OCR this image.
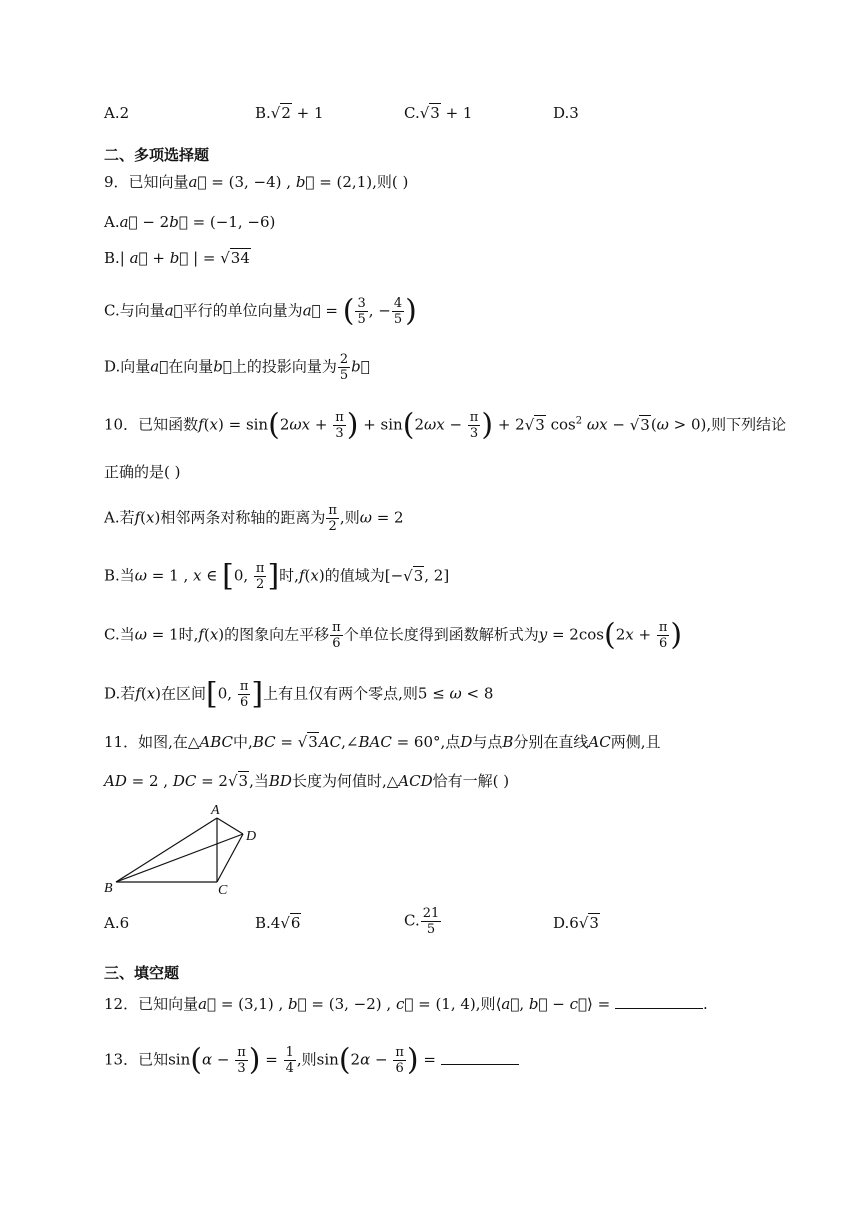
A.2	B.√2 + 1	C.√3 + 1	D.3
二、多项选择题
9．已知向量a⃗ = (3, −4) , b⃗ = (2,1),则( )
A.a⃗ − 2b⃗ = (−1, −6)
B.| a⃗ + b⃗ | = √34
C.与向量a⃗平行的单位向量为a⃗ = ( $\frac{3}{5}$ , − $\frac{4}{5}$ )
D.向量a⃗在向量b⃗上的投影向量为 $\frac{2}{5}$ b⃗
10．已知函数$f(x) = \sin(2\omega x + \frac{\pi}{3}$ ) + $\sin(2\omega x - \frac{\pi}{3}$ ) + 2√3 $\cos^2 \omega x - √3(\omega > 0)$,则下列结论
正确的是( )
A.若f(x)相邻两条对称轴的距离为 $\frac{\pi}{2}$ ,则ω = 2
B.当ω = 1 , x ∈ [0, $\frac{\pi}{2}$ ]时,f(x)的值域为[−√3, 2]
C.当ω = 1时,f(x)的图象向左平移 $\frac{\pi}{6}$ 个单位长度得到函数解析式为$y = 2\cos(2x + \frac{\pi}{6}$ )
D.若f(x)在区间[0, $\frac{\pi}{6}$ ]上有且仅有两个零点,则5 ≤ ω < 8
11．如图,在△ABC中,BC = √3AC,∠BAC = 60°,点D与点B分别在直线AC两侧,且
AD = 2 , DC = 2√3,当BD长度为何值时,△ACD恰有一解( )
A
D
B	C
A.6	B.4√6	C. $\frac{21}{5}$	D.6√3
三、填空题
12．已知向量a⃗ = (3,1) , b⃗ = (3, −2) , c⃗ = (1, 4),则⟨a⃗, b⃗ − c⃗⟩ =	.
13．已知$\sin(\alpha - \frac{\pi}{3}$ ) = $\frac{1}{4}$ ,则$\sin(2\alpha - \frac{\pi}{6}$ ) =
